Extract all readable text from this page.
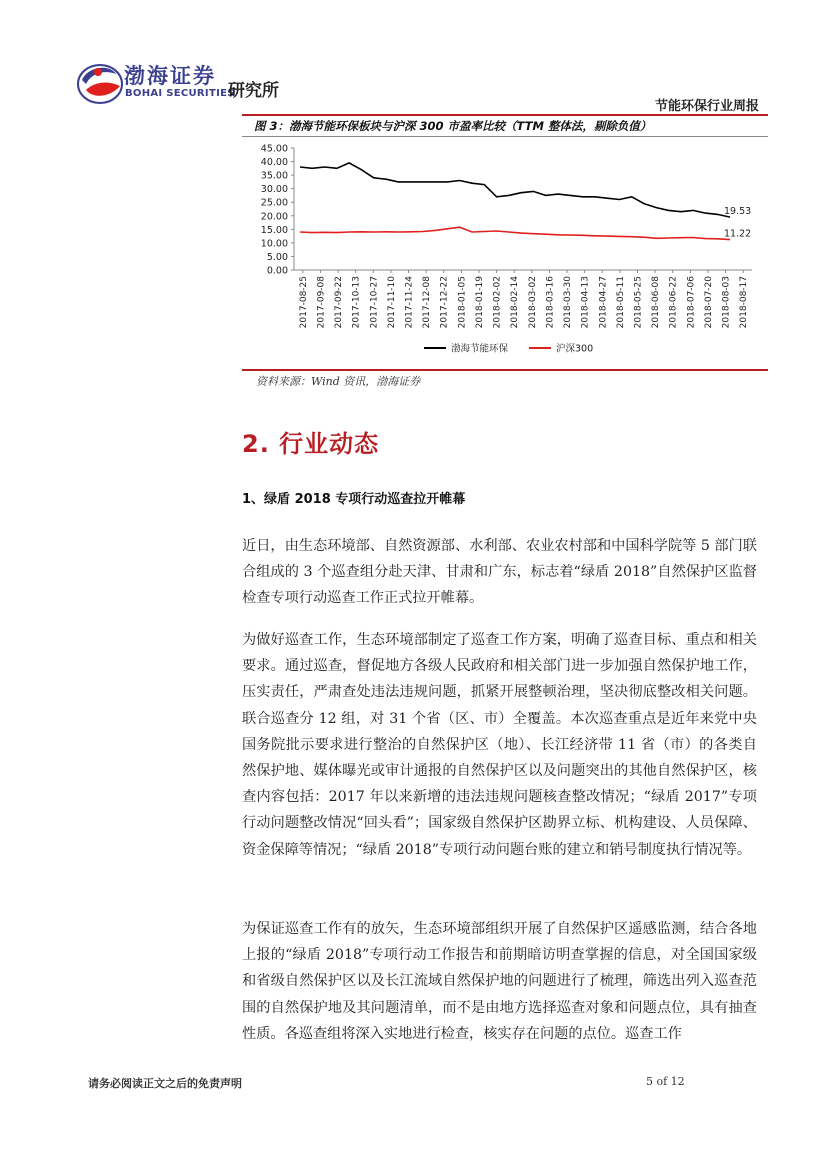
渤海证券
BOHAI SECURITIES
研究所
节能环保行业周报
图 3：渤海节能环保板块与沪深 300 市盈率比较（TTM 整体法，剔除负值）
0.00
5.00
10.00
15.00
20.00
25.00
30.00
35.00
40.00
45.00
2017-08-25 2017-09-08 2017-09-22 2017-10-13 2017-10-27 2017-11-10 2017-11-24 2017-12-08 2017-12-22 2018-01-05 2018-01-19 2018-02-02 2018-02-14 2018-03-02 2018-03-16 2018-03-30 2018-04-13 2018-04-27 2018-05-11 2018-05-25 2018-06-08 2018-06-22 2018-07-06 2018-07-20 2018-08-03 2018-08-17
19.53
11.22
渤海节能环保	沪深300
资料来源：Wind 资讯，渤海证券
2. 行业动态
1、绿盾 2018 专项行动巡查拉开帷幕

近日，由生态环境部、自然资源部、水利部、农业农村部和中国科学院等 5 部门联合组成的 3 个巡查组分赴天津、甘肃和广东，标志着“绿盾 2018”自然保护区监督检查专项行动巡查工作正式拉开帷幕。

为做好巡查工作，生态环境部制定了巡查工作方案，明确了巡查目标、重点和相关要求。通过巡查，督促地方各级人民政府和相关部门进一步加强自然保护地工作，压实责任，严肃查处违法违规问题，抓紧开展整顿治理，坚决彻底整改相关问题。联合巡查分 12 组，对 31 个省（区、市）全覆盖。本次巡查重点是近年来党中央国务院批示要求进行整治的自然保护区（地）、长江经济带 11 省（市）的各类自然保护地、媒体曝光或审计通报的自然保护区以及问题突出的其他自然保护区，核查内容包括：2017 年以来新增的违法违规问题核查整改情况；“绿盾 2017”专项行动问题整改情况“回头看”；国家级自然保护区勘界立标、机构建设、人员保障、资金保障等情况；“绿盾 2018”专项行动问题台账的建立和销号制度执行情况等。

为保证巡查工作有的放矢，生态环境部组织开展了自然保护区遥感监测，结合各地上报的“绿盾 2018”专项行动工作报告和前期暗访明查掌握的信息，对全国国家级和省级自然保护区以及长江流域自然保护地的问题进行了梳理，筛选出列入巡查范围的自然保护地及其问题清单，而不是由地方选择巡查对象和问题点位，具有抽查性质。各巡查组将深入实地进行检查，核实存在问题的点位。巡查工作

请务必阅读正文之后的免责声明	5 of 12
